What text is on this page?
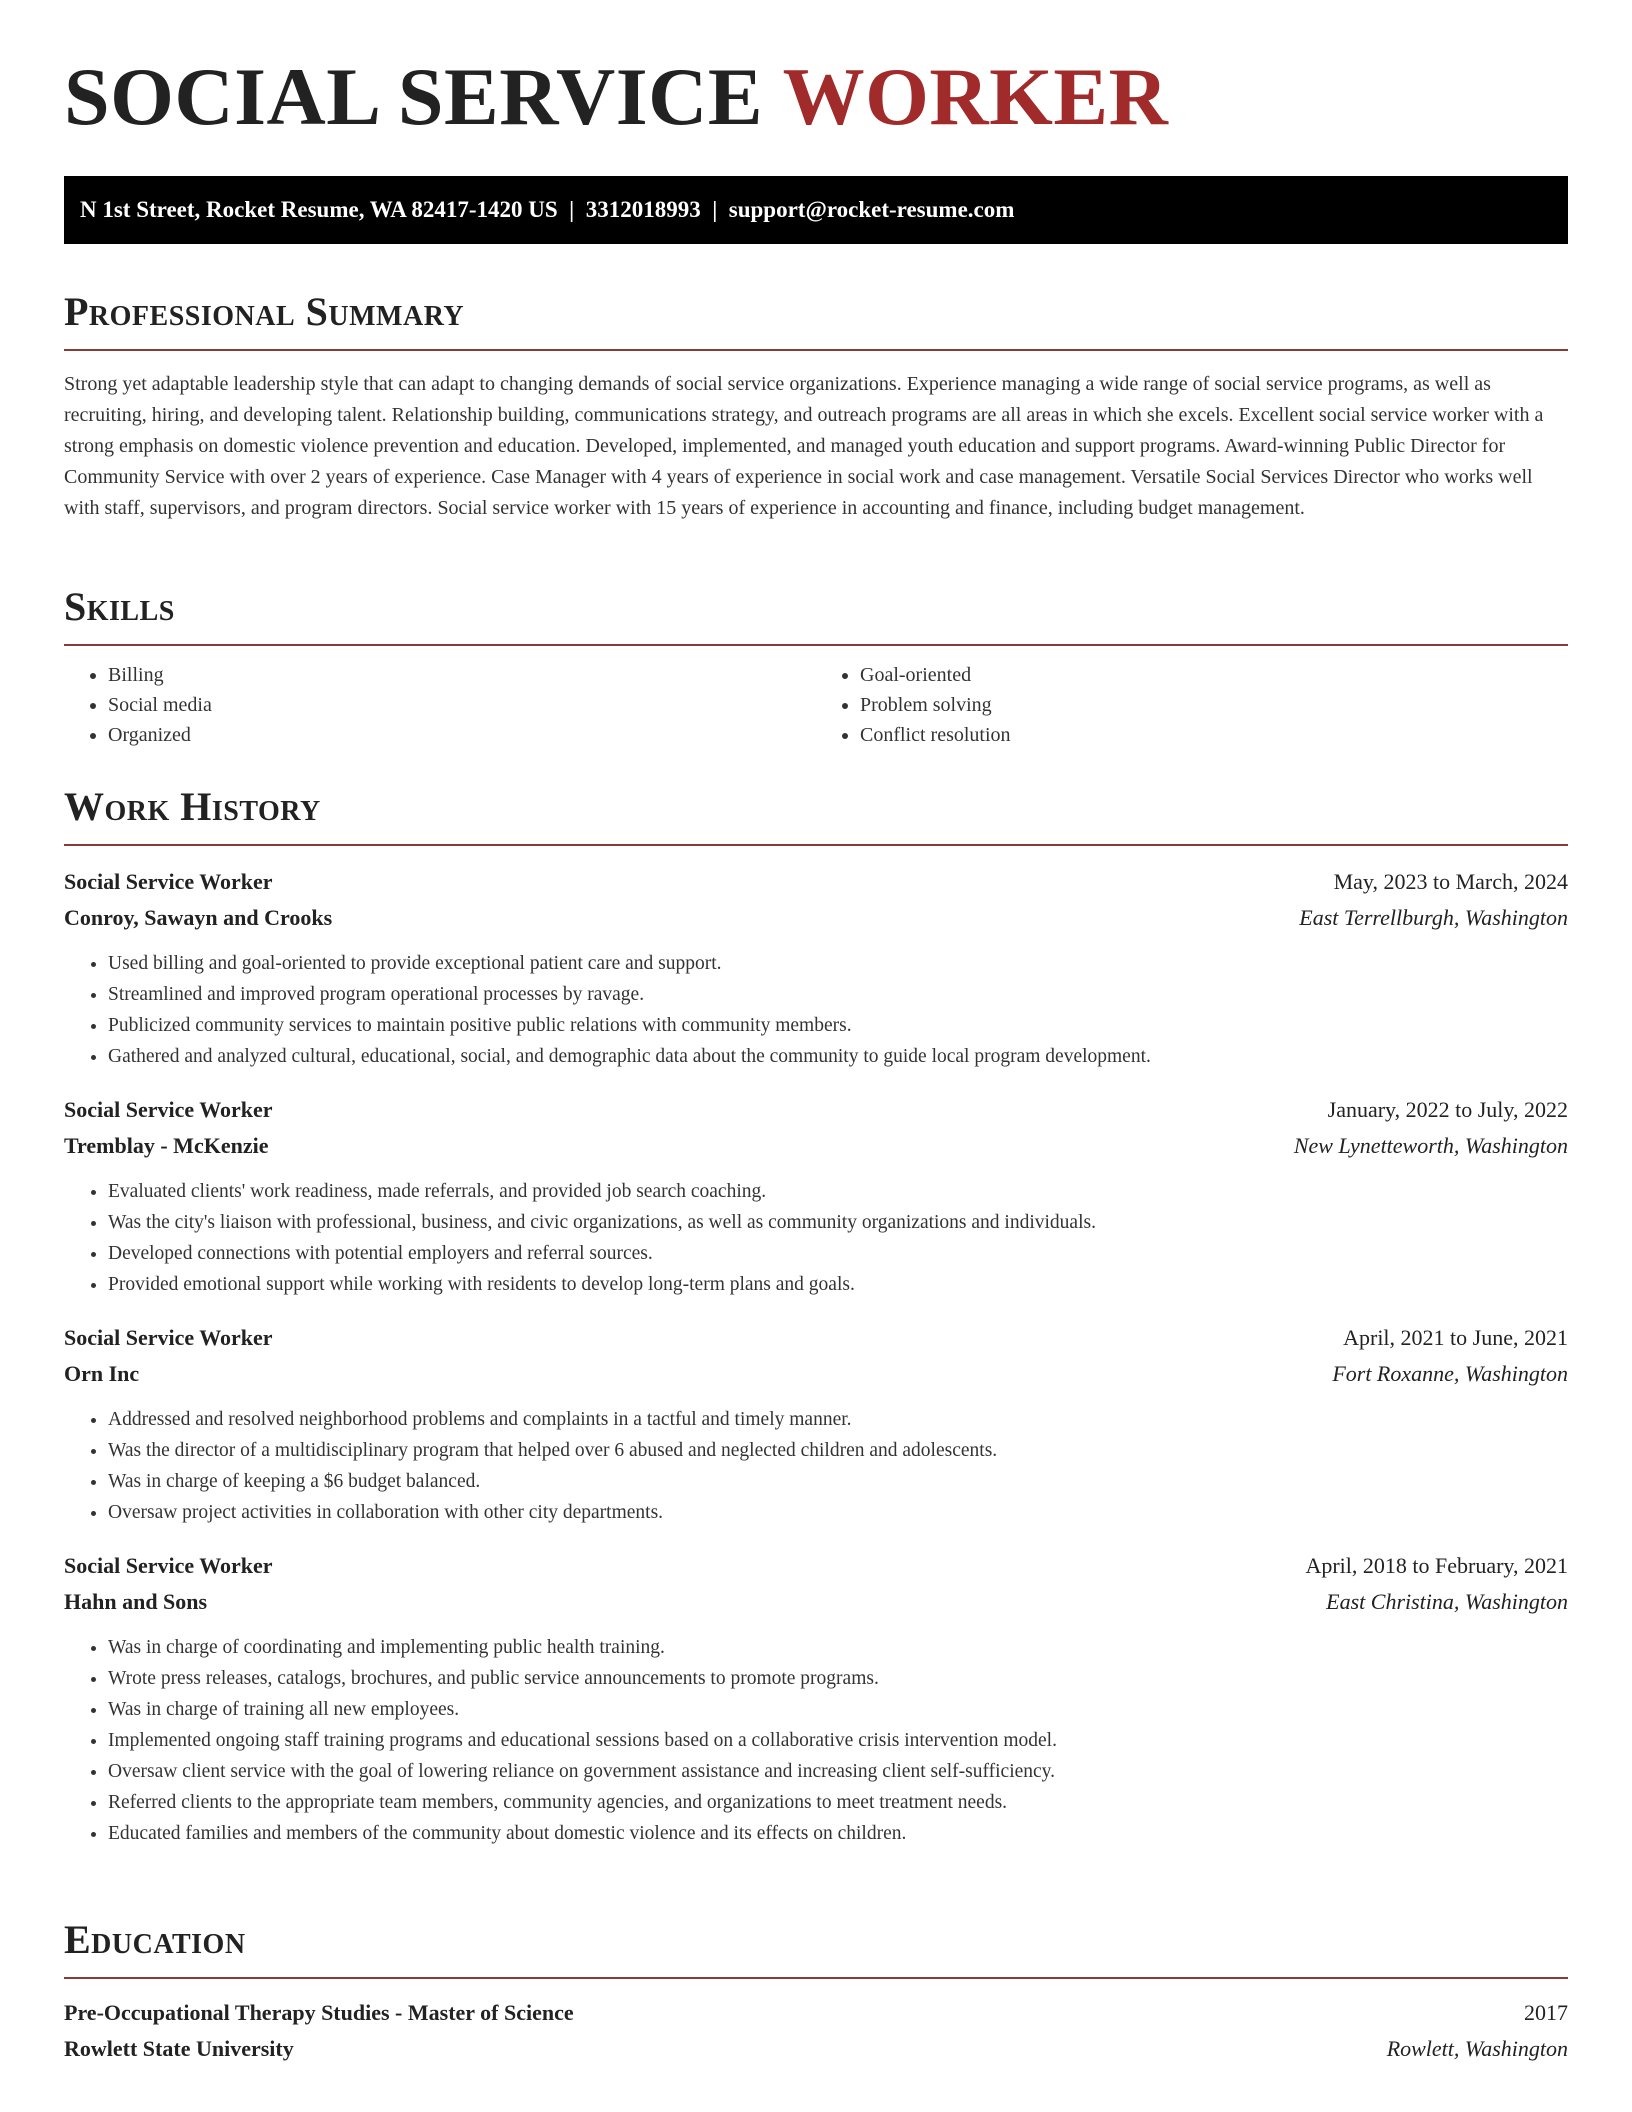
SOCIAL SERVICE WORKER
N 1st Street, Rocket Resume, WA 82417-1420 US  |  3312018993  |  support@rocket-resume.com
Professional Summary

Strong yet adaptable leadership style that can adapt to changing demands of social service organizations. Experience managing a wide range of social service programs, as well as recruiting, hiring, and developing talent. Relationship building, communications strategy, and outreach programs are all areas in which she excels. Excellent social service worker with a strong emphasis on domestic violence prevention and education. Developed, implemented, and managed youth education and support programs. Award-winning Public Director for Community Service with over 2 years of experience. Case Manager with 4 years of experience in social work and case management. Versatile Social Services Director who works well with staff, supervisors, and program directors. Social service worker with 15 years of experience in accounting and finance, including budget management.

Skills
• Billing
• Social media
• Organized
• Goal-oriented
• Problem solving
• Conflict resolution
Work History
Social Service Worker	May, 2023 to March, 2024
Conroy, Sawayn and Crooks	East Terrellburgh, Washington
• Used billing and goal-oriented to provide exceptional patient care and support.
• Streamlined and improved program operational processes by ravage.
• Publicized community services to maintain positive public relations with community members.
• Gathered and analyzed cultural, educational, social, and demographic data about the community to guide local program development.
Social Service Worker	January, 2022 to July, 2022
Tremblay - McKenzie	New Lynetteworth, Washington
• Evaluated clients' work readiness, made referrals, and provided job search coaching.
• Was the city's liaison with professional, business, and civic organizations, as well as community organizations and individuals.
• Developed connections with potential employers and referral sources.
• Provided emotional support while working with residents to develop long-term plans and goals.
Social Service Worker	April, 2021 to June, 2021
Orn Inc	Fort Roxanne, Washington
• Addressed and resolved neighborhood problems and complaints in a tactful and timely manner.
• Was the director of a multidisciplinary program that helped over 6 abused and neglected children and adolescents.
• Was in charge of keeping a $6 budget balanced.
• Oversaw project activities in collaboration with other city departments.
Social Service Worker	April, 2018 to February, 2021
Hahn and Sons	East Christina, Washington
• Was in charge of coordinating and implementing public health training.
• Wrote press releases, catalogs, brochures, and public service announcements to promote programs.
• Was in charge of training all new employees.
• Implemented ongoing staff training programs and educational sessions based on a collaborative crisis intervention model.
• Oversaw client service with the goal of lowering reliance on government assistance and increasing client self-sufficiency.
• Referred clients to the appropriate team members, community agencies, and organizations to meet treatment needs.
• Educated families and members of the community about domestic violence and its effects on children.
Education
Pre-Occupational Therapy Studies - Master of Science	2017
Rowlett State University	Rowlett, Washington
